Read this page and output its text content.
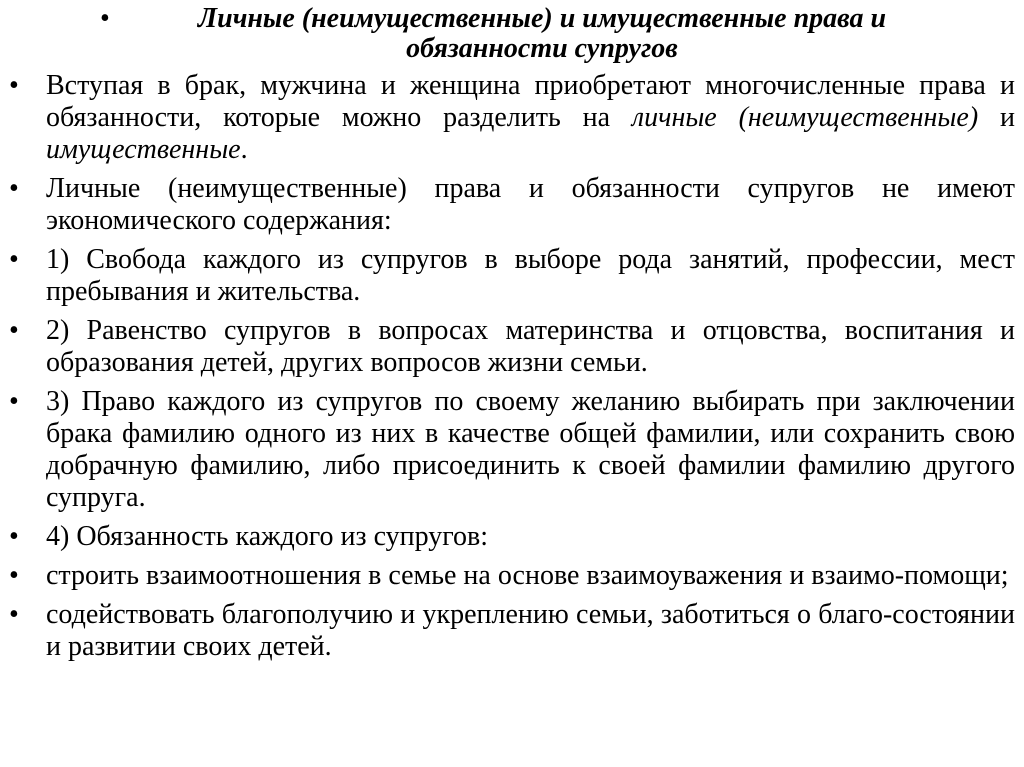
•	Личные (неимущественные) и имущественные права и обязанности супругов
• Вступая в брак, мужчина и женщина приобретают многочисленные права и обязанности, которые можно разделить на личные (неимущественные) и имущественные.
• Личные (неимущественные) права и обязанности супругов не имеют экономического содержания:
• 1) Свобода каждого из супругов в выборе рода занятий, профессии, мест пребывания и жительства.
• 2) Равенство супругов в вопросах материнства и отцовства, воспитания и образования детей, других вопросов жизни семьи.
• 3) Право каждого из супругов по своему желанию выбирать при заключении брака фамилию одного из них в качестве общей фамилии, или сохранить свою добрачную фамилию, либо присоединить к своей фамилии фамилию другого супруга.
• 4) Обязанность каждого из супругов:
• строить взаимоотношения в семье на основе взаимоуважения и взаимо-помощи;
• содействовать благополучию и укреплению семьи, заботиться о благо-состоянии и развитии своих детей.
